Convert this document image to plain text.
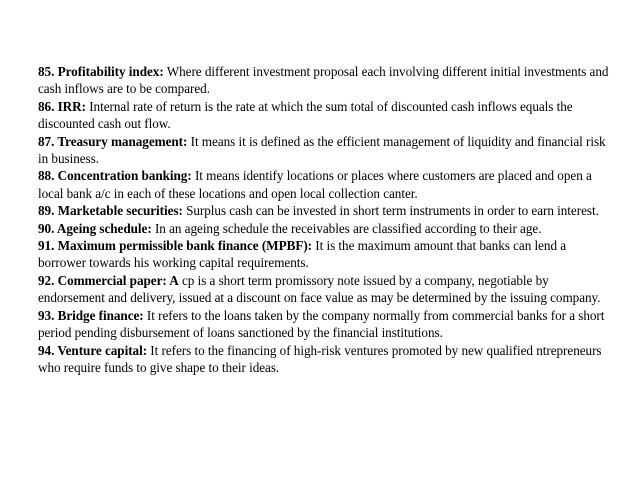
85. Profitability index: Where different investment proposal each involving different initial investments and cash inflows are to be compared.

86. IRR: Internal rate of return is the rate at which the sum total of discounted cash inflows equals the discounted cash out flow.

87. Treasury management: It means it is defined as the efficient management of liquidity and financial risk in business.

88. Concentration banking: It means identify locations or places where customers are placed and open a local bank a/c in each of these locations and open local collection canter.

89. Marketable securities: Surplus cash can be invested in short term instruments in order to earn interest.

90. Ageing schedule: In an ageing schedule the receivables are classified according to their age.

91. Maximum permissible bank finance (MPBF): It is the maximum amount that banks can lend a borrower towards his working capital requirements.

92. Commercial paper: A cp is a short term promissory note issued by a company, negotiable by endorsement and delivery, issued at a discount on face value as may be determined by the issuing company.

93. Bridge finance: It refers to the loans taken by the company normally from commercial banks for a short period pending disbursement of loans sanctioned by the financial institutions.

94. Venture capital: It refers to the financing of high-risk ventures promoted by new qualified ntrepreneurs who require funds to give shape to their ideas.
